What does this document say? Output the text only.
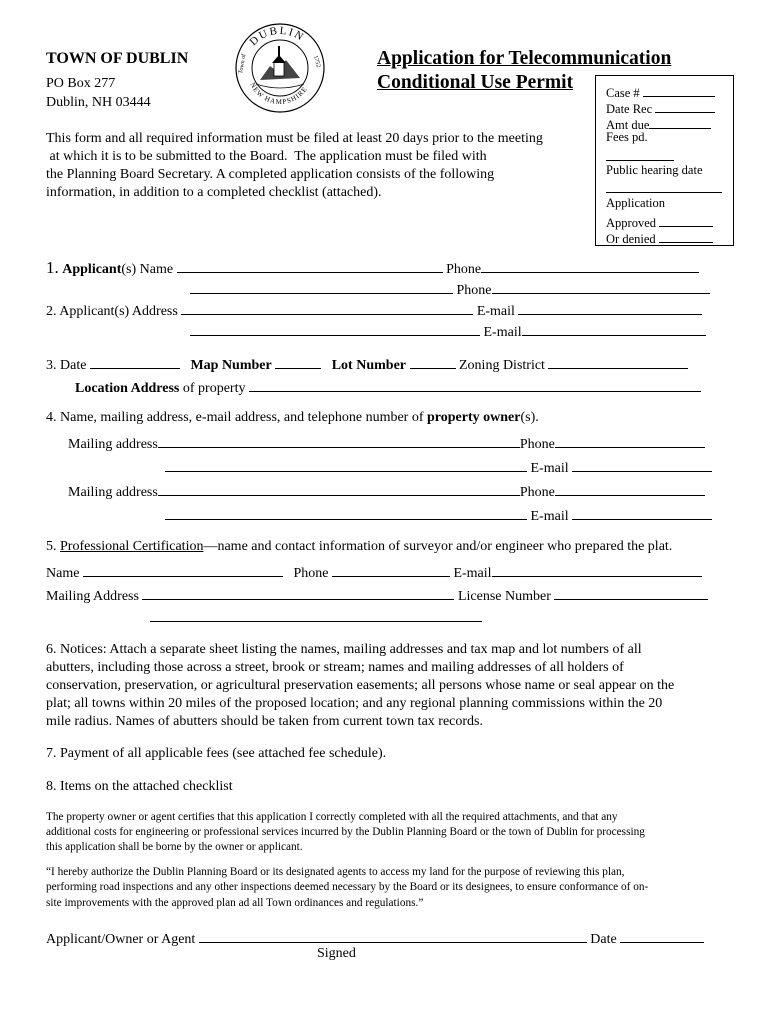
TOWN OF DUBLIN
PO Box 277
Dublin, NH 03444
DUBLIN
NEW HAMPSHIRE
Town of	1752	Application for Telecommunication
Conditional Use Permit	Case #
Date Rec
Amt due
Fees pd.
Public hearing date
Application
Approved
Or denied
This form and all required information must be filed at least 20 days prior to the meeting
at which it is to be submitted to the Board.  The application must be filed with
the Planning Board Secretary. A completed application consists of the following
information, in addition to a completed checklist (attached).
1. Applicant(s) Name	Phone
Phone
2. Applicant(s) Address	E-mail
E-mail
3. Date	Map Number	Lot Number	Zoning District
Location Address of property
4. Name, mailing address, e-mail address, and telephone number of property owner(s).
Mailing address	Phone
E-mail
Mailing address	Phone
E-mail
5. Professional Certification—name and contact information of surveyor and/or engineer who prepared the plat.
Name	Phone	E-mail
Mailing Address	License Number
6. Notices: Attach a separate sheet listing the names, mailing addresses and tax map and lot numbers of all
abutters, including those across a street, brook or stream; names and mailing addresses of all holders of
conservation, preservation, or agricultural preservation easements; all persons whose name or seal appear on the
plat; all towns within 20 miles of the proposed location; and any regional planning commissions within the 20
mile radius. Names of abutters should be taken from current town tax records.
7. Payment of all applicable fees (see attached fee schedule).
8. Items on the attached checklist
The property owner or agent certifies that this application I correctly completed with all the required attachments, and that any
additional costs for engineering or professional services incurred by the Dublin Planning Board or the town of Dublin for processing
this application shall be borne by the owner or applicant.
“I hereby authorize the Dublin Planning Board or its designated agents to access my land for the purpose of reviewing this plan,
performing road inspections and any other inspections deemed necessary by the Board or its designees, to ensure conformance of on-
site improvements with the approved plan ad all Town ordinances and regulations.”
Applicant/Owner or Agent	Date
Signed
